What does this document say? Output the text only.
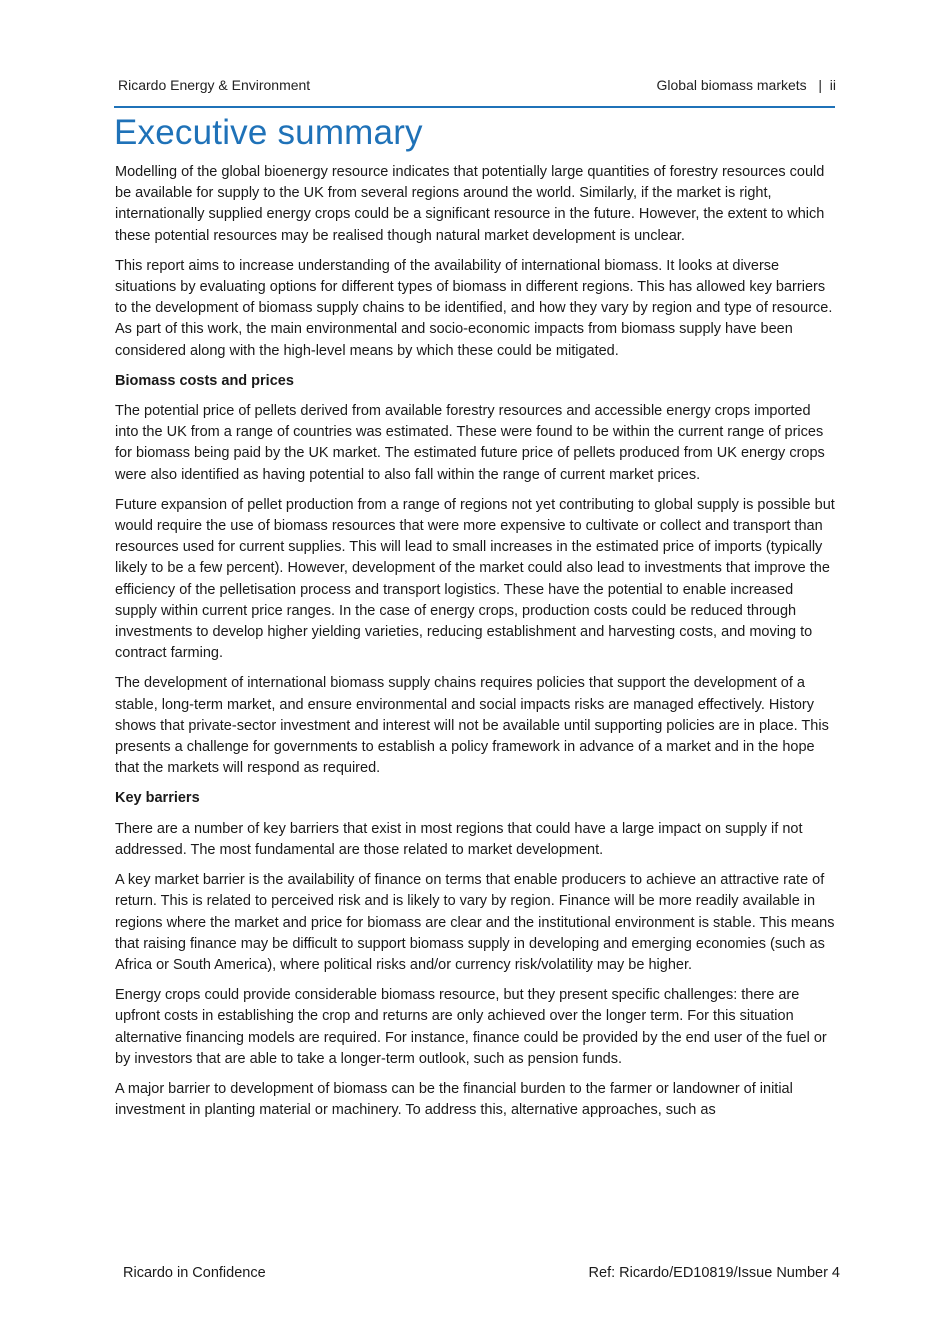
Ricardo Energy & Environment	Global biomass markets | ii
Executive summary

Modelling of the global bioenergy resource indicates that potentially large quantities of forestry resources could be available for supply to the UK from several regions around the world. Similarly, if the market is right, internationally supplied energy crops could be a significant resource in the future. However, the extent to which these potential resources may be realised though natural market development is unclear.

This report aims to increase understanding of the availability of international biomass. It looks at diverse situations by evaluating options for different types of biomass in different regions. This has allowed key barriers to the development of biomass supply chains to be identified, and how they vary by region and type of resource. As part of this work, the main environmental and socio-economic impacts from biomass supply have been considered along with the high-level means by which these could be mitigated.

Biomass costs and prices

The potential price of pellets derived from available forestry resources and accessible energy crops imported into the UK from a range of countries was estimated. These were found to be within the current range of prices for biomass being paid by the UK market. The estimated future price of pellets produced from UK energy crops were also identified as having potential to also fall within the range of current market prices.

Future expansion of pellet production from a range of regions not yet contributing to global supply is possible but would require the use of biomass resources that were more expensive to cultivate or collect and transport than resources used for current supplies. This will lead to small increases in the estimated price of imports (typically likely to be a few percent). However, development of the market could also lead to investments that improve the efficiency of the pelletisation process and transport logistics. These have the potential to enable increased supply within current price ranges. In the case of energy crops, production costs could be reduced through investments to develop higher yielding varieties, reducing establishment and harvesting costs, and moving to contract farming.

The development of international biomass supply chains requires policies that support the development of a stable, long-term market, and ensure environmental and social impacts risks are managed effectively. History shows that private-sector investment and interest will not be available until supporting policies are in place. This presents a challenge for governments to establish a policy framework in advance of a market and in the hope that the markets will respond as required.

Key barriers

There are a number of key barriers that exist in most regions that could have a large impact on supply if not addressed. The most fundamental are those related to market development.

A key market barrier is the availability of finance on terms that enable producers to achieve an attractive rate of return. This is related to perceived risk and is likely to vary by region. Finance will be more readily available in regions where the market and price for biomass are clear and the institutional environment is stable. This means that raising finance may be difficult to support biomass supply in developing and emerging economies (such as Africa or South America), where political risks and/or currency risk/volatility may be higher.

Energy crops could provide considerable biomass resource, but they present specific challenges: there are upfront costs in establishing the crop and returns are only achieved over the longer term. For this situation alternative financing models are required. For instance, finance could be provided by the end user of the fuel or by investors that are able to take a longer-term outlook, such as pension funds.

A major barrier to development of biomass can be the financial burden to the farmer or landowner of initial investment in planting material or machinery. To address this, alternative approaches, such as

Ricardo in Confidence	Ref: Ricardo/ED10819/Issue Number 4
